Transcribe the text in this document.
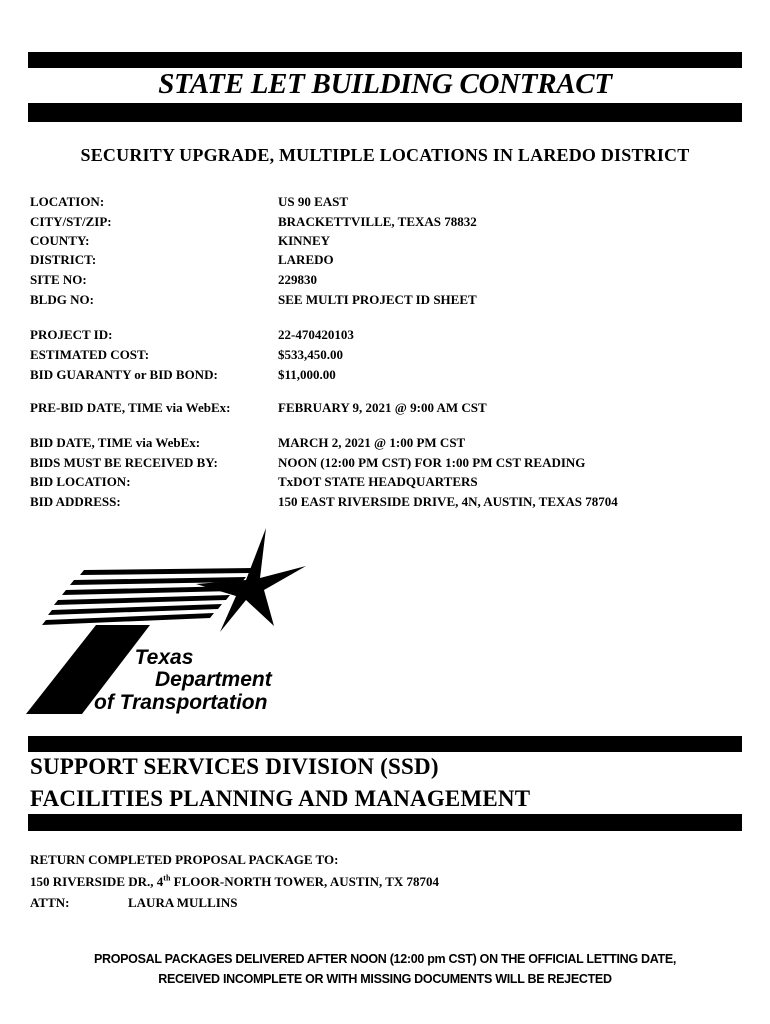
STATE LET BUILDING CONTRACT
SECURITY UPGRADE, MULTIPLE LOCATIONS IN LAREDO DISTRICT
LOCATION:	US 90 EAST
CITY/ST/ZIP:	BRACKETTVILLE, TEXAS 78832
COUNTY:	KINNEY
DISTRICT:	LAREDO
SITE NO:	229830
BLDG NO:	SEE MULTI PROJECT ID SHEET
PROJECT ID:	22-470420103
ESTIMATED COST:	$533,450.00
BID GUARANTY or BID BOND:	$11,000.00
PRE-BID DATE, TIME via WebEx:	FEBRUARY 9, 2021 @ 9:00 AM CST
BID DATE, TIME via WebEx:	MARCH 2, 2021 @ 1:00 PM CST
BIDS MUST BE RECEIVED BY:	NOON (12:00 PM CST) FOR 1:00 PM CST READING
BID LOCATION:	TxDOT STATE HEADQUARTERS
BID ADDRESS:	150 EAST RIVERSIDE DRIVE, 4N, AUSTIN, TEXAS 78704
Texas
Department
of Transportation
SUPPORT SERVICES DIVISION (SSD)
FACILITIES PLANNING AND MANAGEMENT
RETURN COMPLETED PROPOSAL PACKAGE TO:
150 RIVERSIDE DR., 4th FLOOR-NORTH TOWER, AUSTIN, TX 78704
ATTN:	LAURA MULLINS
PROPOSAL PACKAGES DELIVERED AFTER NOON (12:00 pm CST) ON THE OFFICIAL LETTING DATE,
RECEIVED INCOMPLETE OR WITH MISSING DOCUMENTS WILL BE REJECTED
